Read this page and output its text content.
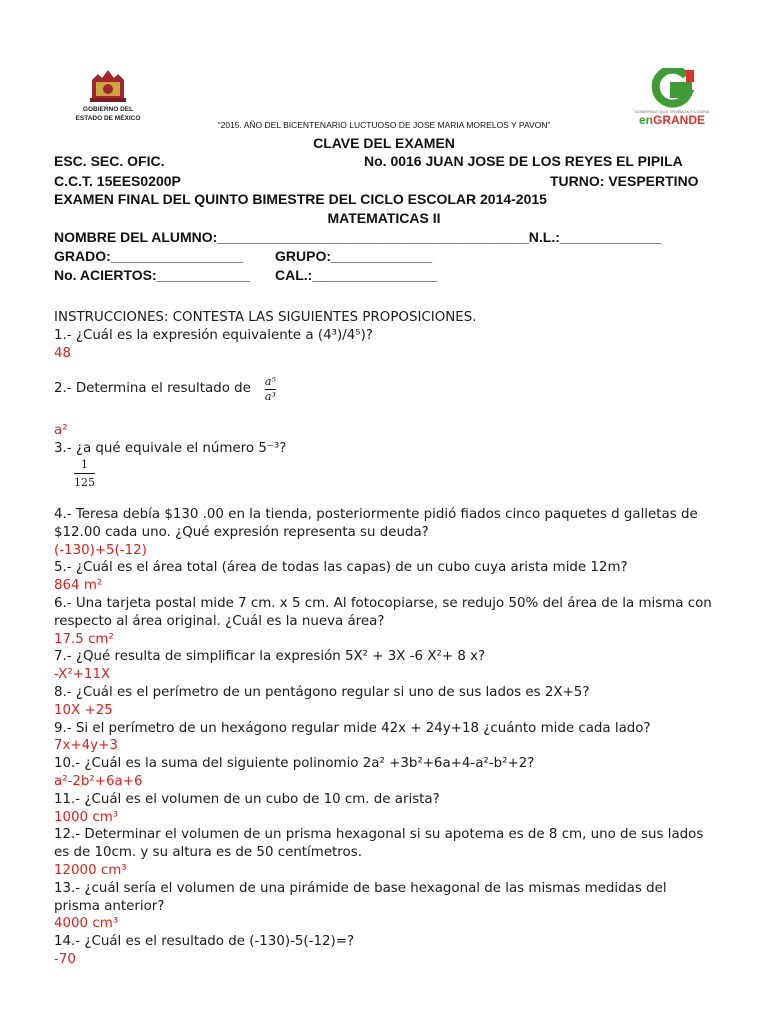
GOBIERNO DEL
ESTADO DE MÉXICO
GOBIERNO QUE TRABAJA Y LOGRA
enGRANDE
“2015. AÑO DEL BICENTENARIO LUCTUOSO DE JOSE MARIA MORELOS Y PAVON”
CLAVE DEL EXAMEN
ESC. SEC. OFIC.	No. 0016 JUAN JOSE DE LOS REYES EL PIPILA
C.C.T. 15EES0200P	TURNO: VESPERTINO
EXAMEN FINAL DEL QUINTO BIMESTRE DEL CICLO ESCOLAR 2014-2015
MATEMATICAS II
NOMBRE DEL ALUMNO:________________________________________N.L.:_____________
GRADO:_________________ GRUPO:_____________
No. ACIERTOS:____________ CAL.:________________

INSTRUCCIONES: CONTESTA LAS SIGUIENTES PROPOSICIONES.

1.- ¿Cuál es la expresión equivalente a (4³)/4⁵)?

48

2.- Determina el resultado de $\frac{\text{a⁵}}{\text{a³}}$

a²

3.- ¿a qué equivale el número 5⁻³?

$\frac{1}{125}$

4.- Teresa debía $130 .00 en la tienda, posteriormente pidió fiados cinco paquetes d galletas de $12.00 cada uno. ¿Qué expresión representa su deuda?

(-130)+5(-12)

5.- ¿Cuál es el área total (área de todas las capas) de un cubo cuya arista mide 12m?

864 m²

6.- Una tarjeta postal mide 7 cm. x 5 cm. Al fotocopiarse, se redujo 50% del área de la misma con respecto al área original. ¿Cuál es la nueva área?

17.5 cm²

7.- ¿Qué resulta de simplificar la expresión 5X² + 3X -6 X²+ 8 x?

-X²+11X

8.- ¿Cuál es el perímetro de un pentágono regular si uno de sus lados es 2X+5?

10X +25

9.- Si el perímetro de un hexágono regular mide 42x + 24y+18 ¿cuánto mide cada lado?

7x+4y+3

10.- ¿Cuál es la suma del siguiente polinomio 2a² +3b²+6a+4-a²-b²+2?

a²-2b²+6a+6

11.- ¿Cuál es el volumen de un cubo de 10 cm. de arista?

1000 cm³

12.- Determinar el volumen de un prisma hexagonal si su apotema es de 8 cm, uno de sus lados es de 10cm. y su altura es de 50 centímetros.

12000 cm³

13.- ¿cuál sería el volumen de una pirámide de base hexagonal de las mismas medidas del prisma anterior?

4000 cm³

14.- ¿Cuál es el resultado de (-130)-5(-12)=?

-70
